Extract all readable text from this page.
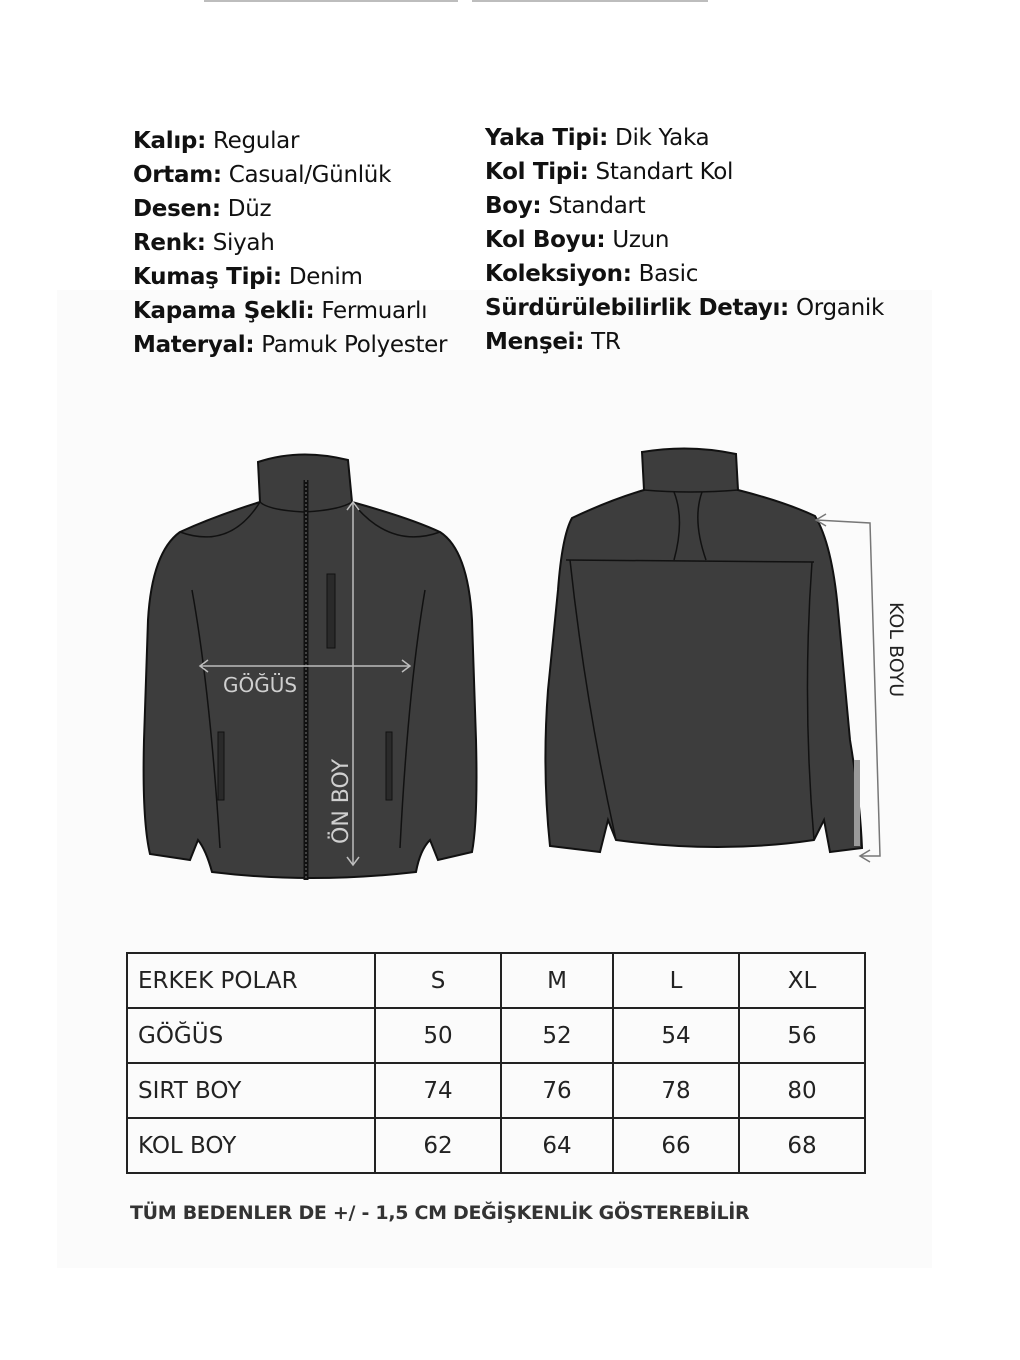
Kalıp: Regular
Ortam: Casual/Günlük
Desen: Düz
Renk: Siyah
Kumaş Tipi: Denim
Kapama Şekli: Fermuarlı
Materyal: Pamuk Polyester
Yaka Tipi: Dik Yaka
Kol Tipi: Standart Kol
Boy: Standart
Kol Boyu: Uzun
Koleksiyon: Basic
Sürdürülebilirlik Detayı: Organik
Menşei: TR
GÖĞÜS
ÖN BOY
KOL BOYU
ERKEK POLAR	S	M	L	XL
GÖĞÜS	50	52	54	56
SIRT BOY	74	76	78	80
KOL BOY	62	64	66	68
TÜM BEDENLER DE +/ - 1,5 CM DEĞİŞKENLİK GÖSTEREBİLİR
